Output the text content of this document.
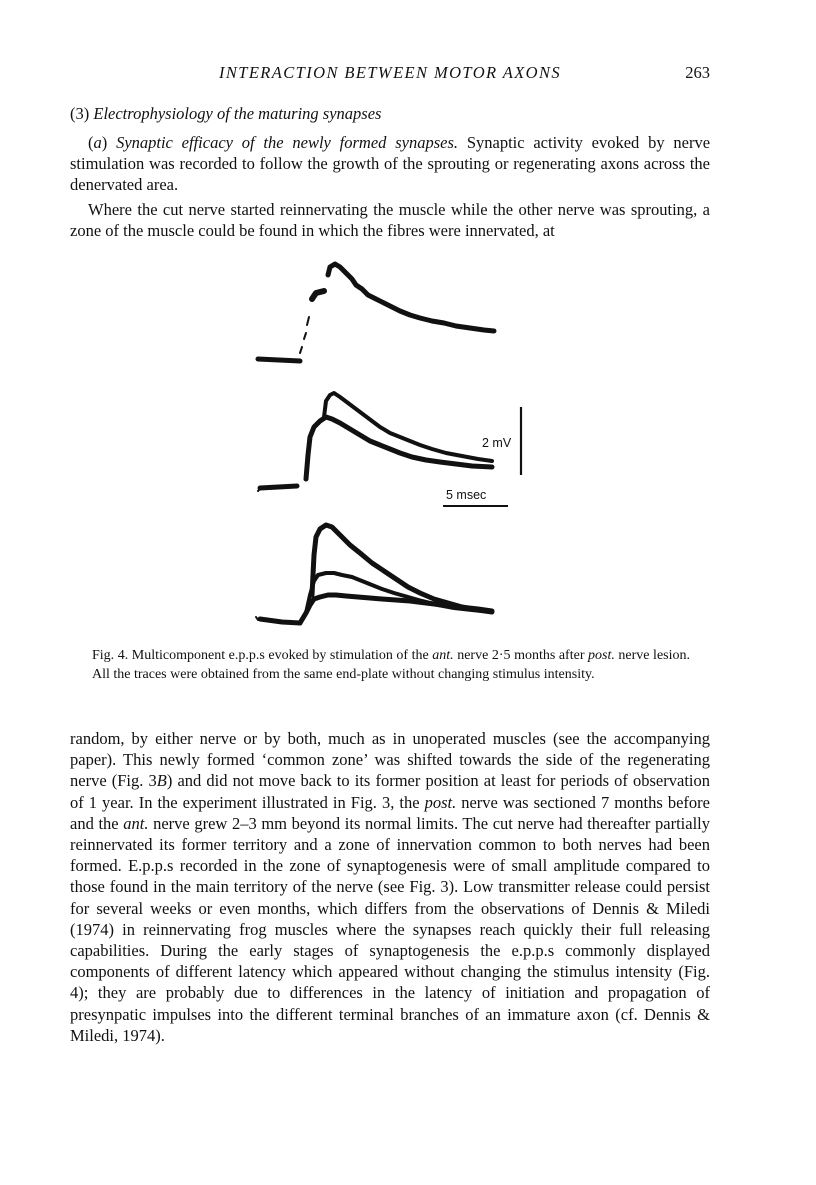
INTERACTION BETWEEN MOTOR AXONS	263
(3) Electrophysiology of the maturing synapses

(a) Synaptic efficacy of the newly formed synapses. Synaptic activity evoked by nerve stimulation was recorded to follow the growth of the sprouting or regenerating axons across the denervated area.

Where the cut nerve started reinnervating the muscle while the other nerve was sprouting, a zone of the muscle could be found in which the fibres were innervated, at

2 mV
5 msec

Fig. 4. Multicomponent e.p.p.s evoked by stimulation of the ant. nerve 2·5 months after post. nerve lesion. All the traces were obtained from the same end-plate without changing stimulus intensity.

random, by either nerve or by both, much as in unoperated muscles (see the accompanying paper). This newly formed ‘common zone’ was shifted towards the side of the regenerating nerve (Fig. 3B) and did not move back to its former position at least for periods of observation of 1 year. In the experiment illustrated in Fig. 3, the post. nerve was sectioned 7 months before and the ant. nerve grew 2–3 mm beyond its normal limits. The cut nerve had thereafter partially reinnervated its former territory and a zone of innervation common to both nerves had been formed. E.p.p.s recorded in the zone of synaptogenesis were of small amplitude compared to those found in the main territory of the nerve (see Fig. 3). Low transmitter release could persist for several weeks or even months, which differs from the observations of Dennis & Miledi (1974) in reinnervating frog muscles where the synapses reach quickly their full releasing capabilities. During the early stages of synaptogenesis the e.p.p.s commonly displayed components of different latency which appeared without changing the stimulus intensity (Fig. 4); they are probably due to differences in the latency of initiation and propagation of presynpatic impulses into the different terminal branches of an immature axon (cf. Dennis & Miledi, 1974).
